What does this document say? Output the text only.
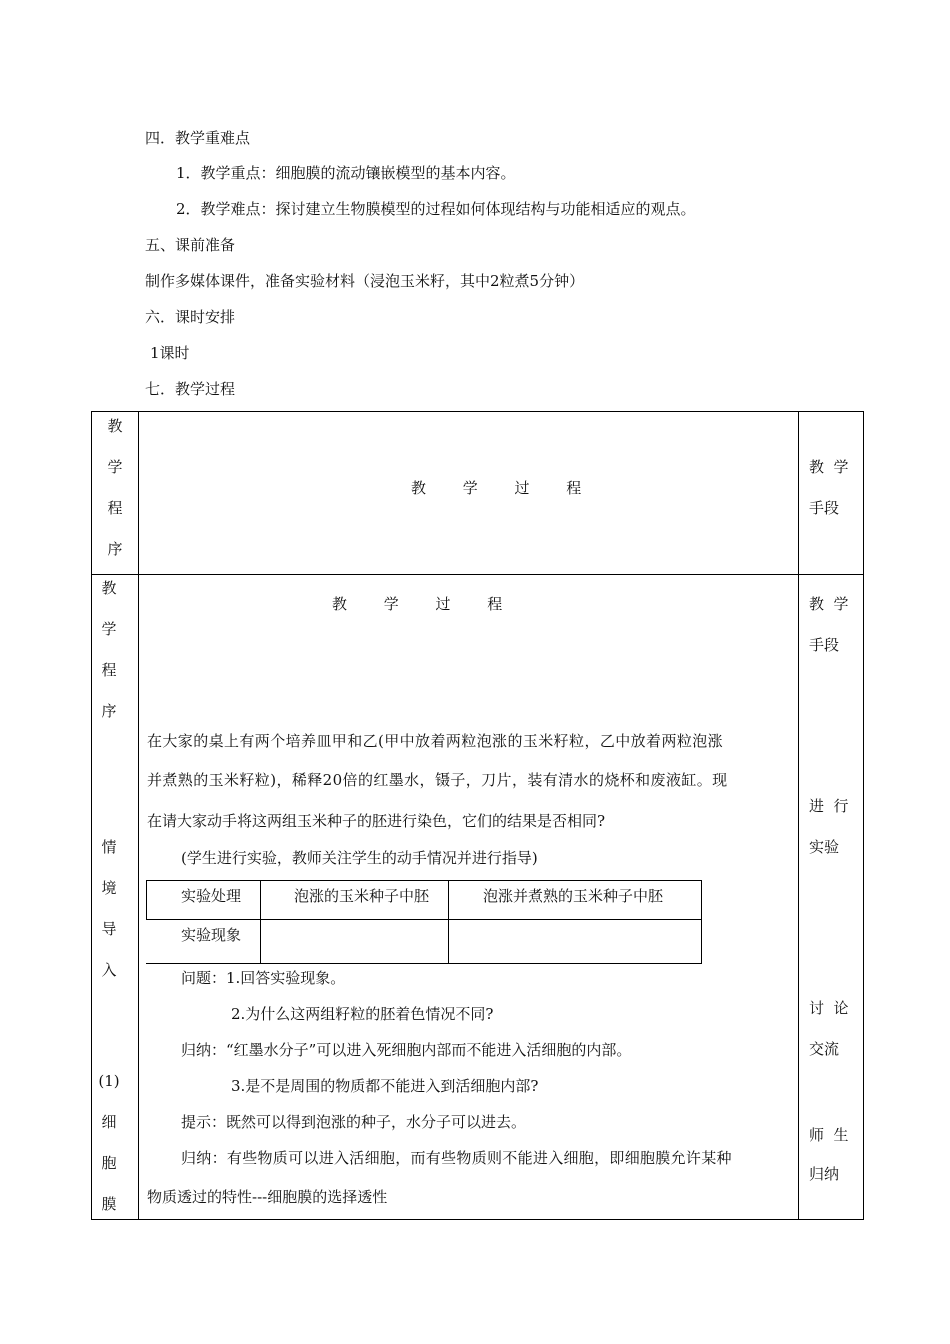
四．教学重难点
1．教学重点：细胞膜的流动镶嵌模型的基本内容。
2．教学难点：探讨建立生物膜模型的过程如何体现结构与功能相适应的观点。
五、课前准备
制作多媒体课件，准备实验材料（浸泡玉米籽，其中2粒煮5分钟）
六．课时安排
1课时
七．教学过程
教
学
程
序
教 学 过 程
教  学
手段
教
学
程
序
情
境
导
入
(1)
细
胞
膜
教 学 过 程
在大家的桌上有两个培养皿甲和乙(甲中放着两粒泡涨的玉米籽粒，乙中放着两粒泡涨
并煮熟的玉米籽粒)，稀释20倍的红墨水，镊子，刀片，装有清水的烧杯和废液缸。现
在请大家动手将这两组玉米种子的胚进行染色，它们的结果是否相同?
(学生进行实验，教师关注学生的动手情况并进行指导)
实验处理	泡涨的玉米种子中胚	泡涨并煮熟的玉米种子中胚
实验现象
问题：1.回答实验现象。
2.为什么这两组籽粒的胚着色情况不同?
归纳：“红墨水分子”可以进入死细胞内部而不能进入活细胞的内部。
3.是不是周围的物质都不能进入到活细胞内部?
提示：既然可以得到泡涨的种子，水分子可以进去。
归纳：有些物质可以进入活细胞，而有些物质则不能进入细胞，即细胞膜允许某种
物质透过的特性---细胞膜的选择透性
教  学
手段
进  行
实验
讨  论
交流
师  生
归纳
